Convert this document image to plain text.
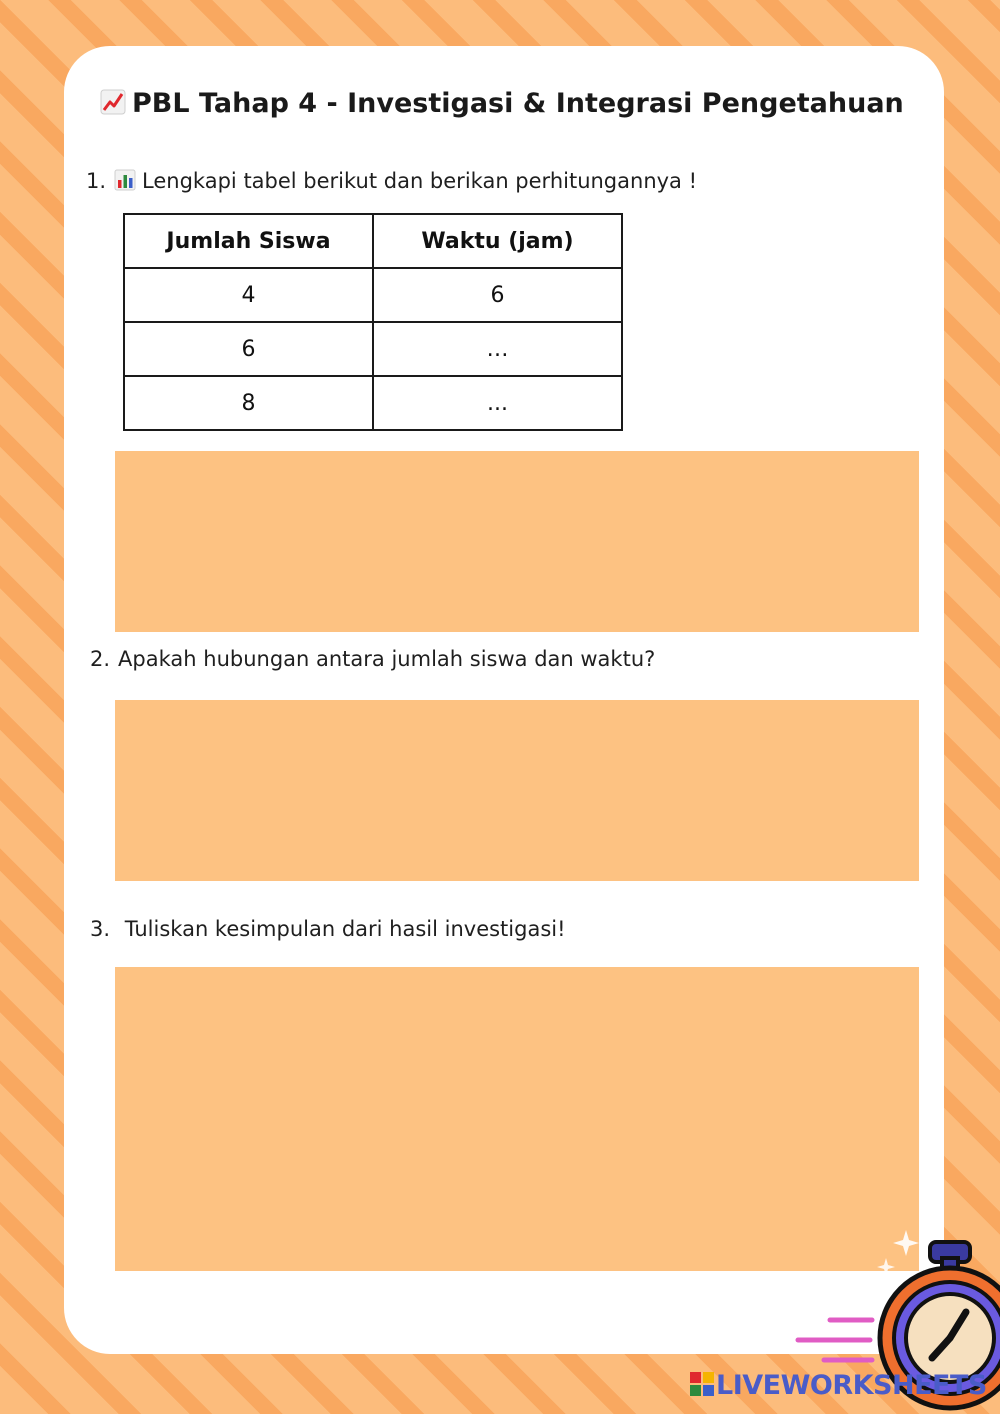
PBL Tahap 4 - Investigasi & Integrasi Pengetahuan
1. Lengkapi tabel berikut dan berikan perhitungannya !
Jumlah Siswa	Waktu (jam)
4	6
6	…
8	...
2. Apakah hubungan antara jumlah siswa dan waktu?
3. Tuliskan kesimpulan dari hasil investigasi!
LIVEWORKSHEETS
